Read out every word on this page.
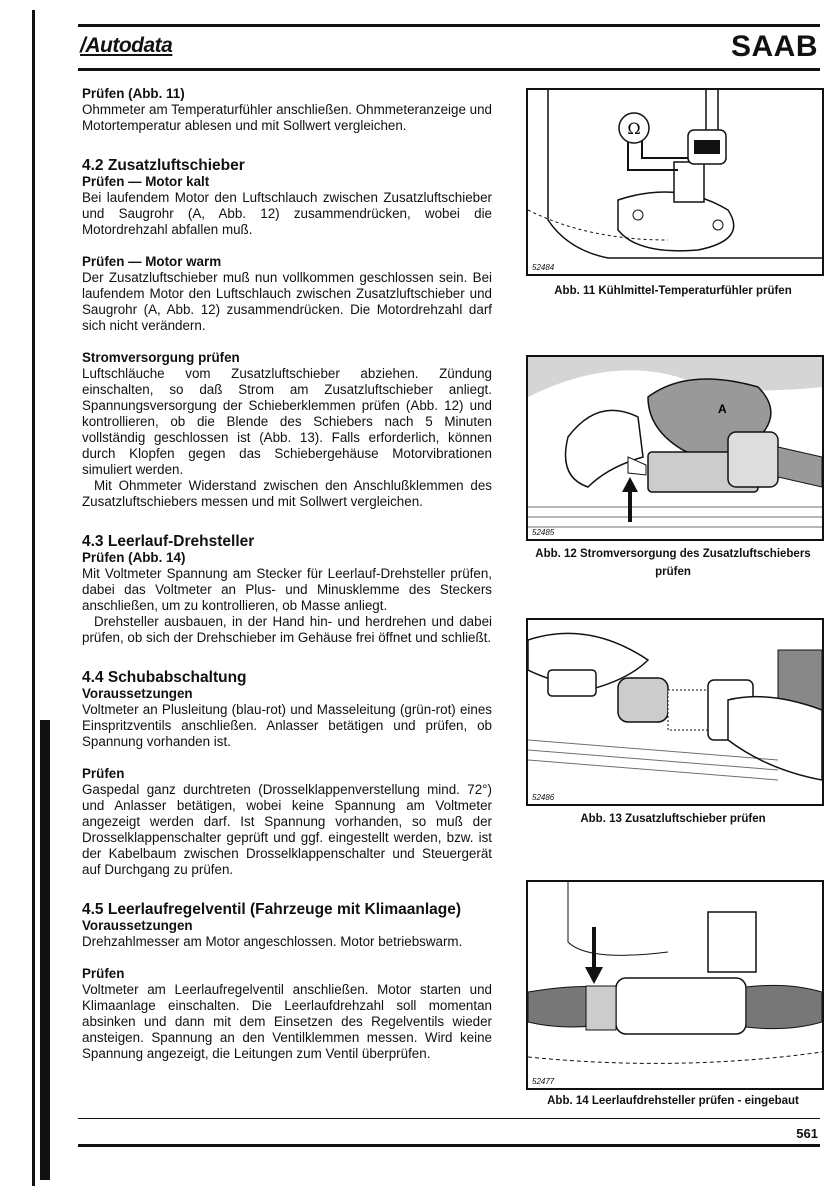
/Autodata	SAAB
Prüfen (Abb. 11)

Ohmmeter am Temperaturfühler anschließen. Ohmmeteranzeige und Motortemperatur ablesen und mit Sollwert vergleichen.

4.2 Zusatzluftschieber
Prüfen — Motor kalt

Bei laufendem Motor den Luftschlauch zwischen Zusatzluftschieber und Saugrohr (A, Abb. 12) zusammendrücken, wobei die Motordrehzahl abfallen muß.

Prüfen — Motor warm

Der Zusatzluftschieber muß nun vollkommen geschlossen sein. Bei laufendem Motor den Luftschlauch zwischen Zusatzluftschieber und Saugrohr (A, Abb. 12) zusammendrücken. Die Motordrehzahl darf sich nicht verändern.

Stromversorgung prüfen

Luftschläuche vom Zusatzluftschieber abziehen. Zündung einschalten, so daß Strom am Zusatzluftschieber anliegt. Spannungsversorgung der Schieberklemmen prüfen (Abb. 12) und kontrollieren, ob die Blende des Schiebers nach 5 Minuten vollständig geschlossen ist (Abb. 13). Falls erforderlich, können durch Klopfen gegen das Schiebergehäuse Motorvibrationen simuliert werden.

Mit Ohmmeter Widerstand zwischen den Anschlußklemmen des Zusatzluftschiebers messen und mit Sollwert vergleichen.

4.3 Leerlauf-Drehsteller
Prüfen (Abb. 14)

Mit Voltmeter Spannung am Stecker für Leerlauf-Drehsteller prüfen, dabei das Voltmeter an Plus- und Minusklemme des Steckers anschließen, um zu kontrollieren, ob Masse anliegt.

Drehsteller ausbauen, in der Hand hin- und herdrehen und dabei prüfen, ob sich der Drehschieber im Gehäuse frei öffnet und schließt.

4.4 Schubabschaltung
Voraussetzungen

Voltmeter an Plusleitung (blau-rot) und Masseleitung (grün-rot) eines Einspritzventils anschließen. Anlasser betätigen und prüfen, ob Spannung vorhanden ist.

Prüfen

Gaspedal ganz durchtreten (Drosselklappenverstellung mind. 72°) und Anlasser betätigen, wobei keine Spannung am Voltmeter angezeigt werden darf. Ist Spannung vorhanden, so muß der Drosselklappenschalter geprüft und ggf. eingestellt werden, bzw. ist der Kabelbaum zwischen Drosselklappenschalter und Steuergerät auf Durchgang zu prüfen.

4.5 Leerlaufregelventil (Fahrzeuge mit Klimaanlage)
Voraussetzungen

Drehzahlmesser am Motor angeschlossen. Motor betriebswarm.

Prüfen

Voltmeter am Leerlaufregelventil anschließen. Motor starten und Klimaanlage einschalten. Die Leerlaufdrehzahl soll momentan absinken und dann mit dem Einsetzen des Regelventils wieder ansteigen. Spannung an den Ventilklemmen messen. Wird keine Spannung angezeigt, die Leitungen zum Ventil überprüfen.

Ω
52484
Abb. 11 Kühlmittel-Temperaturfühler prüfen
A
52485
Abb. 12 Stromversorgung des Zusatzluftschiebers prüfen
52486
Abb. 13 Zusatzluftschieber prüfen
52477
Abb. 14 Leerlaufdrehsteller prüfen - eingebaut
561
